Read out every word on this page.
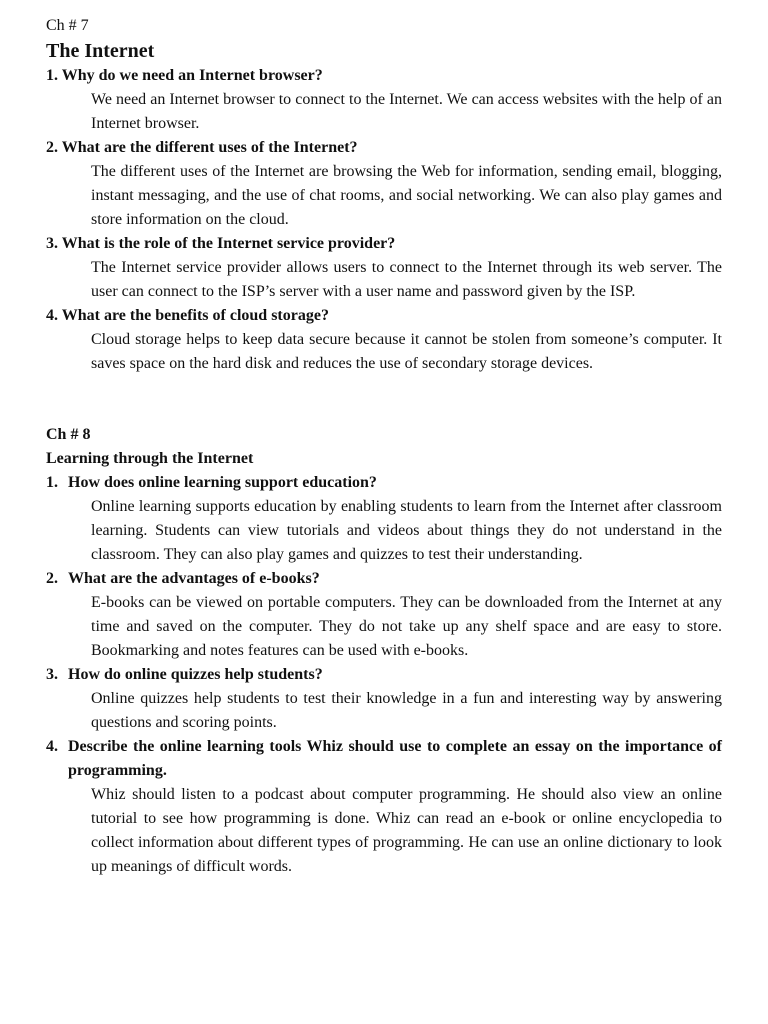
Ch # 7

The Internet

1. Why do we need an Internet browser?

We need an Internet browser to connect to the Internet. We can access websites with the help of an Internet browser.

2. What are the different uses of the Internet?

The different uses of the Internet are browsing the Web for information, sending email, blogging, instant messaging, and the use of chat rooms, and social networking. We can also play games and store information on the cloud.

3. What is the role of the Internet service provider?

The Internet service provider allows users to connect to the Internet through its web server. The user can connect to the ISP’s server with a user name and password given by the ISP.

4. What are the benefits of cloud storage?

Cloud storage helps to keep data secure because it cannot be stolen from someone’s computer. It saves space on the hard disk and reduces the use of secondary storage devices.

Ch # 8

Learning through the Internet

1. How does online learning support education?

Online learning supports education by enabling students to learn from the Internet after classroom learning. Students can view tutorials and videos about things they do not understand in the classroom. They can also play games and quizzes to test their understanding.

2. What are the advantages of e-books?

E-books can be viewed on portable computers. They can be downloaded from the Internet at any time and saved on the computer. They do not take up any shelf space and are easy to store. Bookmarking and notes features can be used with e-books.

3. How do online quizzes help students?

Online quizzes help students to test their knowledge in a fun and interesting way by answering questions and scoring points.

4. Describe the online learning tools Whiz should use to complete an essay on the importance of programming.

Whiz should listen to a podcast about computer programming. He should also view an online tutorial to see how programming is done. Whiz can read an e-book or online encyclopedia to collect information about different types of programming. He can use an online dictionary to look up meanings of difficult words.
